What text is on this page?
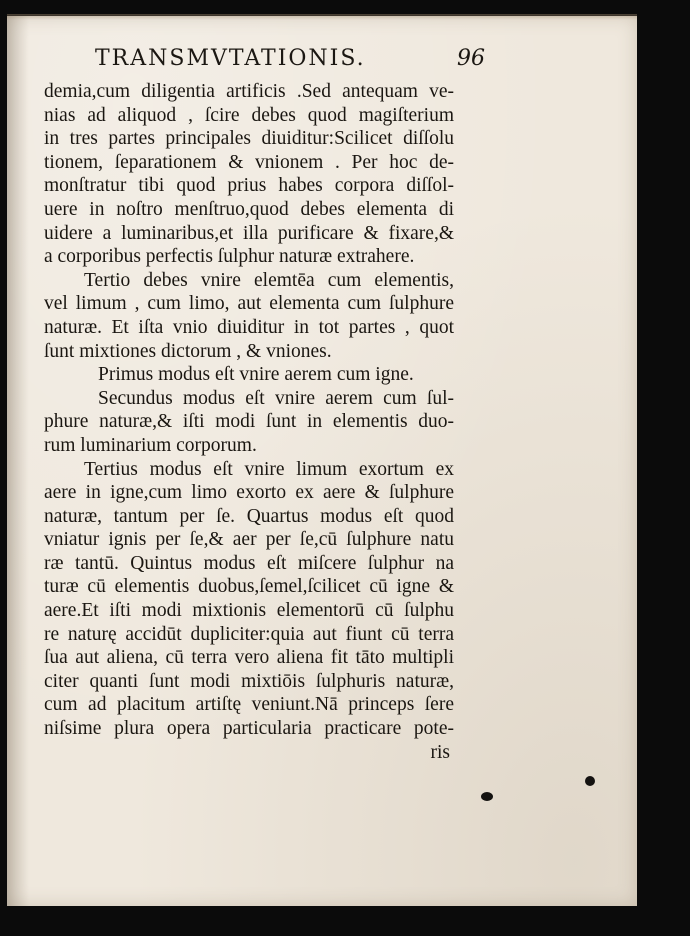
TRANSMVTATIONIS.	96
demia,cum diligentia artificis .Sed antequam ve-
nias ad aliquod , ſcire debes quod magiſterium
in tres partes principales diuiditur:Scilicet diſſolu
tionem, ſeparationem & vnionem . Per hoc de-
monſtratur tibi quod prius habes corpora diſſol-
uere in noſtro menſtruo,quod debes elementa di
uidere a luminaribus,et illa purificare & fixare,&
a corporibus perfectis ſulphur naturæ extrahere.
Tertio debes vnire elemtēa cum elementis,
vel limum , cum limo, aut elementa cum ſulphure
naturæ. Et iſta vnio diuiditur in tot partes , quot
ſunt mixtiones dictorum , & vniones.
Primus modus eſt vnire aerem cum igne.
Secundus modus eſt vnire aerem cum ſul-
phure naturæ,& iſti modi ſunt in elementis duo-
rum luminarium corporum.
Tertius modus eſt vnire limum exortum ex
aere in igne,cum limo exorto ex aere & ſulphure
naturæ, tantum per ſe. Quartus modus eſt quod
vniatur ignis per ſe,& aer per ſe,cū ſulphure natu
ræ tantū. Quintus modus eſt miſcere ſulphur na
turæ cū elementis duobus,ſemel,ſcilicet cū igne &
aere.Et iſti modi mixtionis elementorū cū ſulphu
re naturę accidūt dupliciter:quia aut fiunt cū terra
ſua aut aliena, cū terra vero aliena fit tāto multipli
citer quanti ſunt modi mixtiōis ſulphuris naturæ,
cum ad placitum artiſtę veniunt.Nā princeps ſere
niſsime plura opera particularia practicare pote-
ris
